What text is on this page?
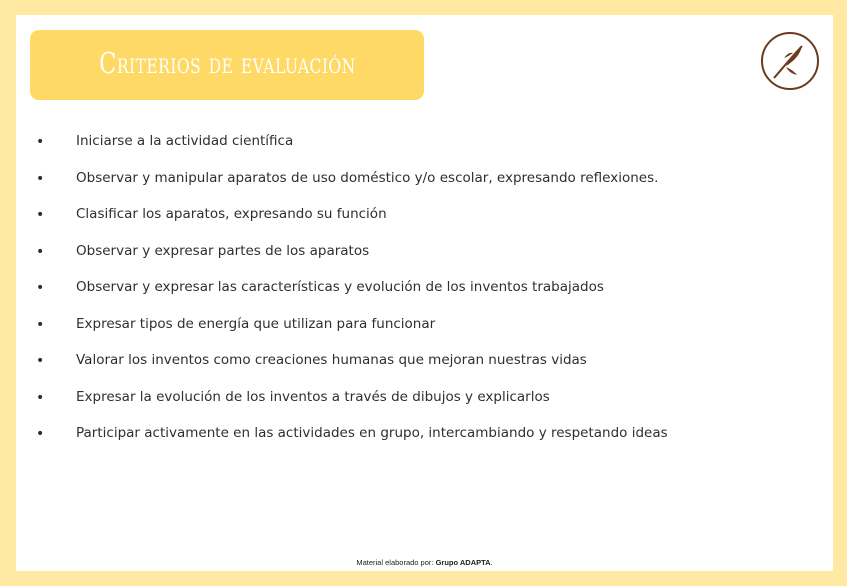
Criterios de evaluación
• Iniciarse a la actividad científica
• Observar y manipular aparatos de uso doméstico y/o escolar, expresando reflexiones.
• Clasificar los aparatos, expresando su función
• Observar y expresar partes de los aparatos
• Observar y expresar las características y evolución de los inventos trabajados
• Expresar tipos de energía que utilizan para funcionar
• Valorar los inventos como creaciones humanas que mejoran nuestras vidas
• Expresar la evolución de los inventos a través de dibujos y explicarlos
• Participar activamente en las actividades en grupo, intercambiando y respetando ideas
Material elaborado por: Grupo ADAPTA.
